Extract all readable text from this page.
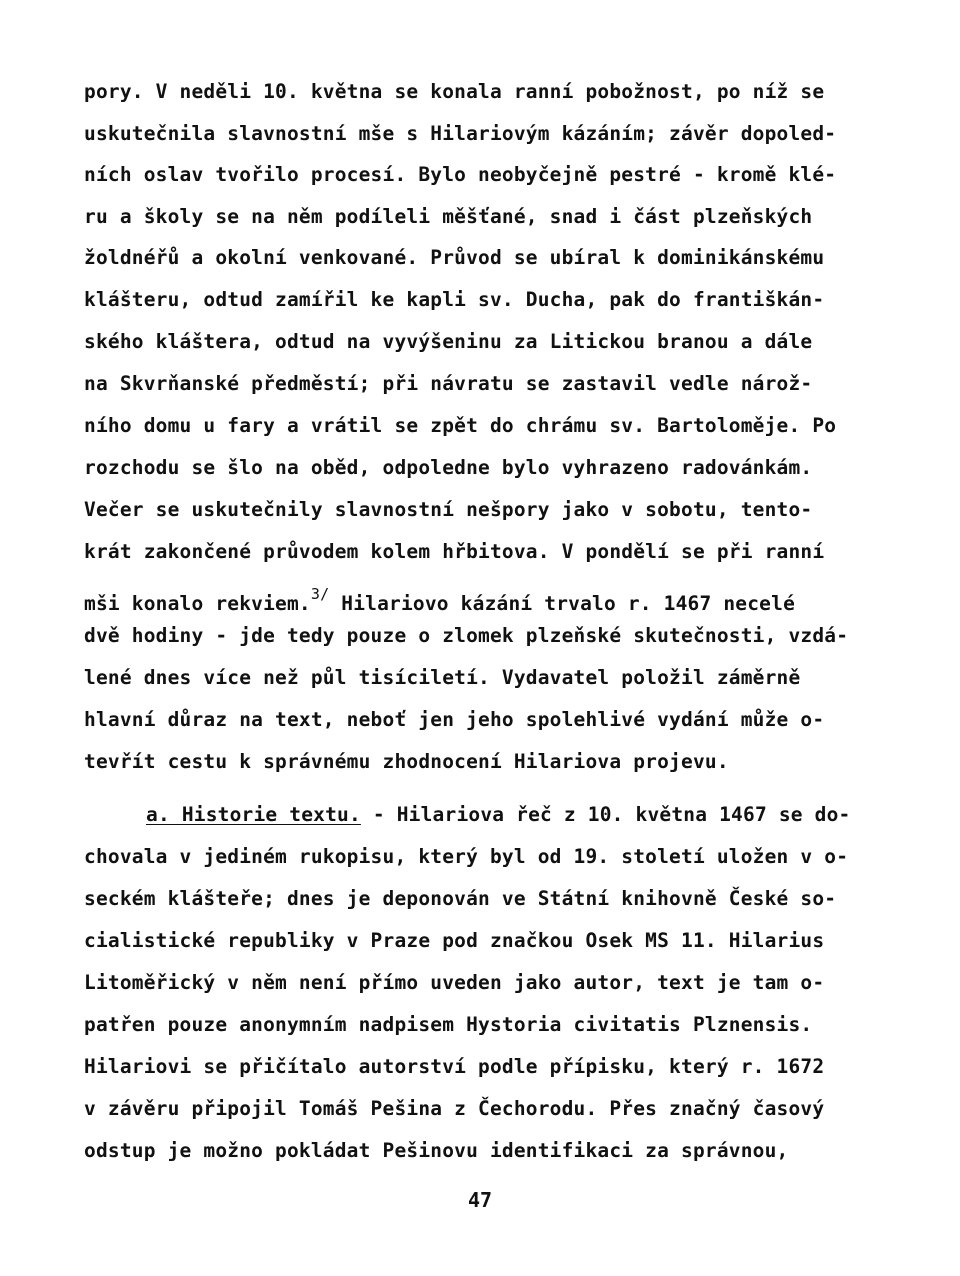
pory. V neděli 10. května se konala ranní pobožnost, po níž se
uskutečnila slavnostní mše s Hilariovým kázáním; závěr dopoled-
ních oslav tvořilo procesí. Bylo neobyčejně pestré - kromě klé-
ru a školy se na něm podíleli měšťané, snad i část plzeňských
žoldnéřů a okolní venkované. Průvod se ubíral k dominikánskému
klášteru, odtud zamířil ke kapli sv. Ducha, pak do františkán-
ského kláštera, odtud na vyvýšeninu za Litickou branou a dále
na Skvrňanské předměstí; při návratu se zastavil vedle nárož-
ního domu u fary a vrátil se zpět do chrámu sv. Bartoloměje. Po
rozchodu se šlo na oběd, odpoledne bylo vyhrazeno radovánkám.
Večer se uskutečnily slavnostní nešpory jako v sobotu, tento-
krát zakončené průvodem kolem hřbitova. V pondělí se při ranní
mši konalo rekviem.$^{3/}$ Hilariovo kázání trvalo r. 1467 necelé
dvě hodiny - jde tedy pouze o zlomek plzeňské skutečnosti, vzdá-
lené dnes více než půl tisíciletí. Vydavatel položil záměrně
hlavní důraz na text, neboť jen jeho spolehlivé vydání může o-
tevřít cestu k správnému zhodnocení Hilariova projevu.
a. Historie textu. - Hilariova řeč z 10. května 1467 se do-
chovala v jediném rukopisu, který byl od 19. století uložen v o-
seckém klášteře; dnes je deponován ve Státní knihovně České so-
cialistické republiky v Praze pod značkou Osek MS 11. Hilarius
Litoměřický v něm není přímo uveden jako autor, text je tam o-
patřen pouze anonymním nadpisem Hystoria civitatis Plznensis.
Hilariovi se přičítalo autorství podle přípisku, který r. 1672
v závěru připojil Tomáš Pešina z Čechorodu. Přes značný časový
odstup je možno pokládat Pešinovu identifikaci za správnou,
47
